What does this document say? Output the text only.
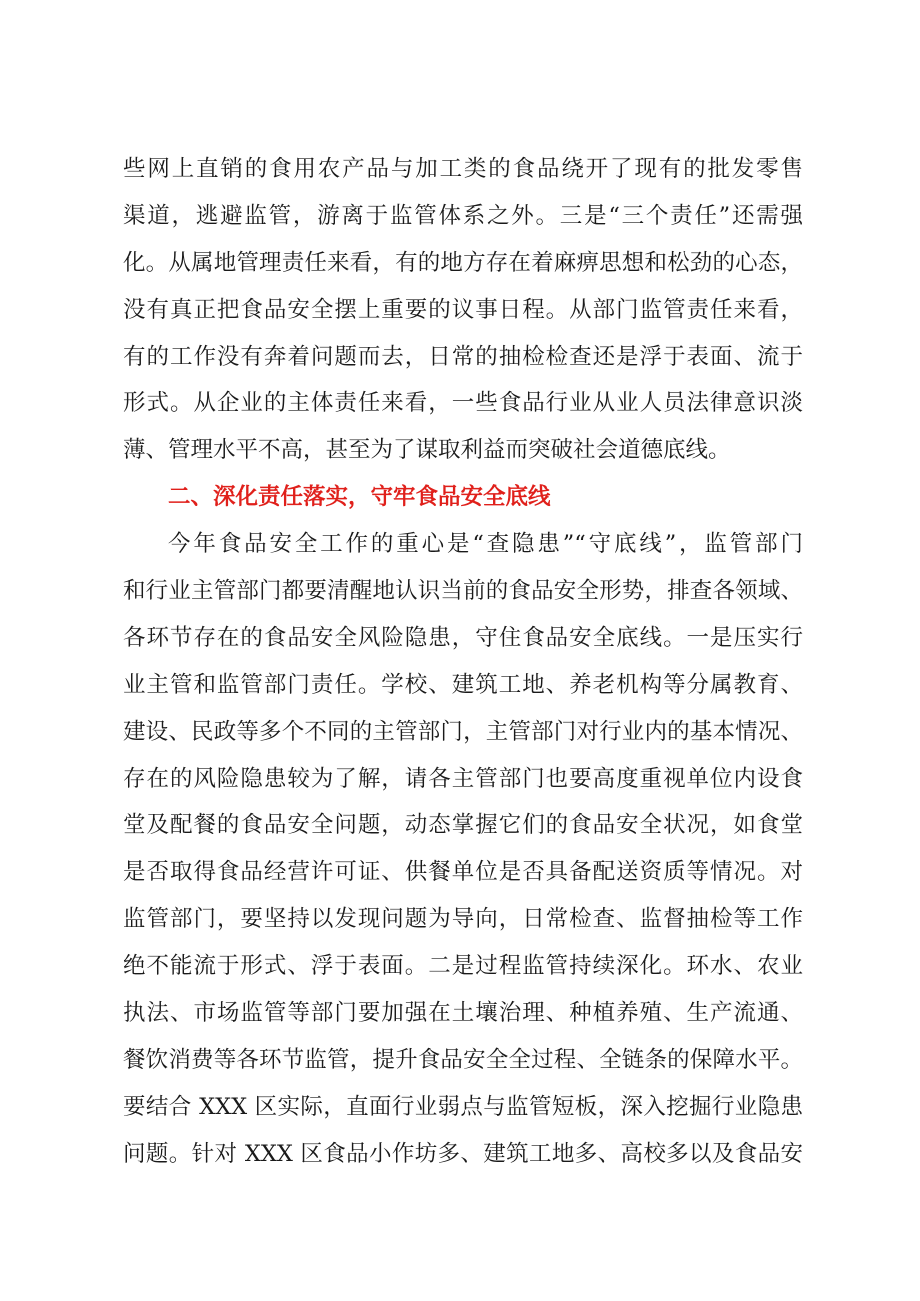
些网上直销的食用农产品与加工类的食品绕开了现有的批发零售
渠道，逃避监管，游离于监管体系之外。三是“三个责任”还需强
化。从属地管理责任来看，有的地方存在着麻痹思想和松劲的心态，
没有真正把食品安全摆上重要的议事日程。从部门监管责任来看，
有的工作没有奔着问题而去，日常的抽检检查还是浮于表面、流于
形式。从企业的主体责任来看，一些食品行业从业人员法律意识淡
薄、管理水平不高，甚至为了谋取利益而突破社会道德底线。
二、深化责任落实，守牢食品安全底线
今年食品安全工作的重心是“查隐患”“守底线”，监管部门
和行业主管部门都要清醒地认识当前的食品安全形势，排查各领域、
各环节存在的食品安全风险隐患，守住食品安全底线。一是压实行
业主管和监管部门责任。学校、建筑工地、养老机构等分属教育、
建设、民政等多个不同的主管部门，主管部门对行业内的基本情况、
存在的风险隐患较为了解，请各主管部门也要高度重视单位内设食
堂及配餐的食品安全问题，动态掌握它们的食品安全状况，如食堂
是否取得食品经营许可证、供餐单位是否具备配送资质等情况。对
监管部门，要坚持以发现问题为导向，日常检查、监督抽检等工作
绝不能流于形式、浮于表面。二是过程监管持续深化。环水、农业
执法、市场监管等部门要加强在土壤治理、种植养殖、生产流通、
餐饮消费等各环节监管，提升食品安全全过程、全链条的保障水平。
要结合 XXX 区实际，直面行业弱点与监管短板，深入挖掘行业隐患
问题。针对 XXX 区食品小作坊多、建筑工地多、高校多以及食品安
